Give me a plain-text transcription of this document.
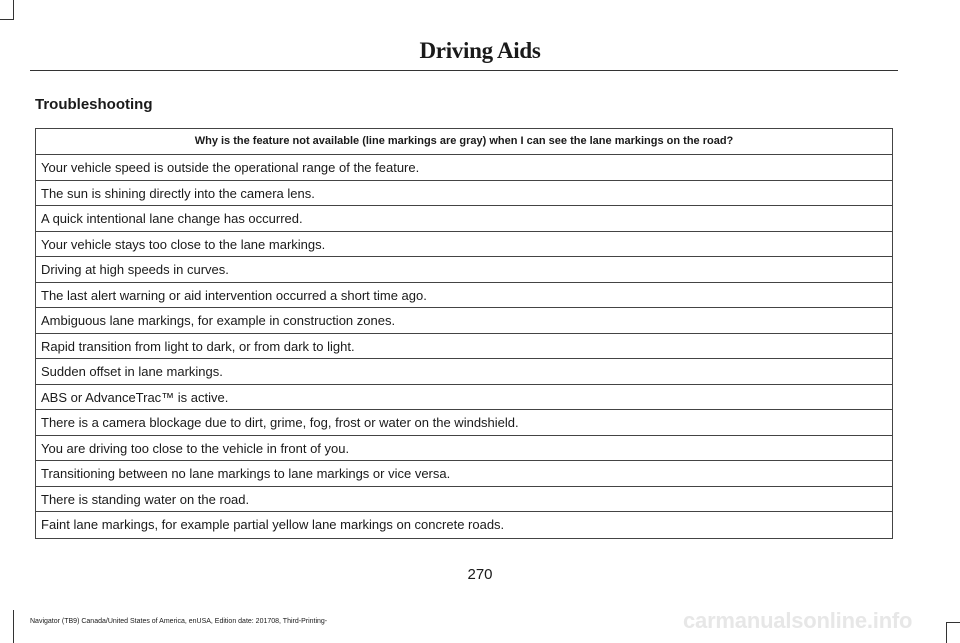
Driving Aids
Troubleshooting
Why is the feature not available (line markings are gray) when I can see the lane markings on the road?
Your vehicle speed is outside the operational range of the feature.
The sun is shining directly into the camera lens.
A quick intentional lane change has occurred.
Your vehicle stays too close to the lane markings.
Driving at high speeds in curves.
The last alert warning or aid intervention occurred a short time ago.
Ambiguous lane markings, for example in construction zones.
Rapid transition from light to dark, or from dark to light.
Sudden offset in lane markings.
ABS or AdvanceTrac™ is active.
There is a camera blockage due to dirt, grime, fog, frost or water on the windshield.
You are driving too close to the vehicle in front of you.
Transitioning between no lane markings to lane markings or vice versa.
There is standing water on the road.
Faint lane markings, for example partial yellow lane markings on concrete roads.
270
Navigator (TB9) Canada/United States of America, enUSA, Edition date: 201708, Third-Printing-	carmanualsonline.info
